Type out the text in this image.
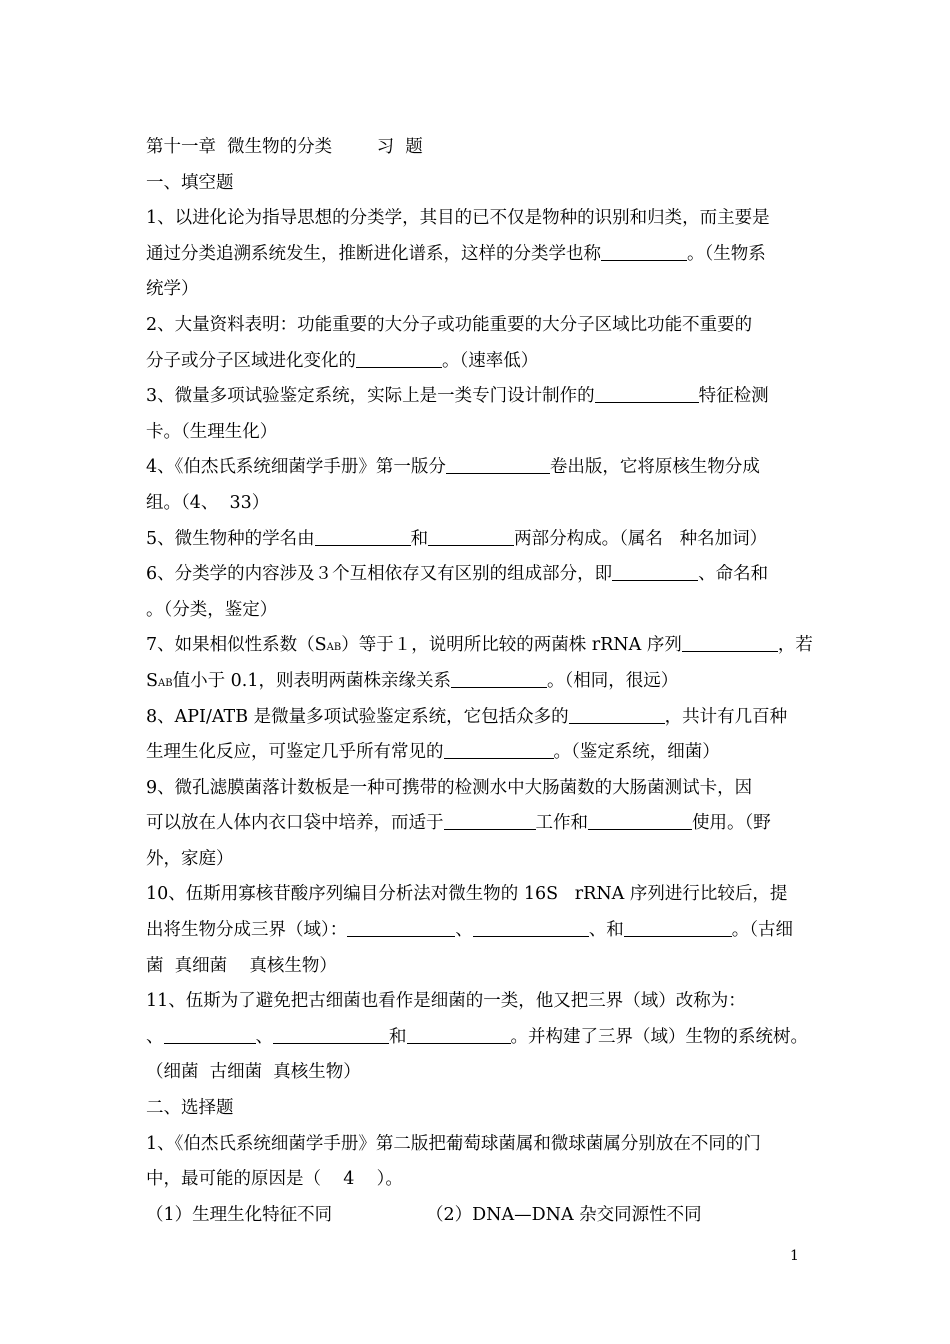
第十一章  微生物的分类        习  题
一、填空题
1、以进化论为指导思想的分类学，其目的已不仅是物种的识别和归类，而主要是
通过分类追溯系统发生，推断进化谱系，这样的分类学也称	。（生物系
统学）
2、大量资料表明：功能重要的大分子或功能重要的大分子区域比功能不重要的
分子或分子区域进化变化的	。（速率低）
3、微量多项试验鉴定系统，实际上是一类专门设计制作的	特征检测
卡。（生理生化）
4、《伯杰氏系统细菌学手册》第一版分	卷出版，它将原核生物分成
组。（4、  33）
5、微生物种的学名由	和	两部分构成。（属名   种名加词）
6、分类学的内容涉及３个互相依存又有区别的组成部分，即	、命名和
。（分类，鉴定）
7、如果相似性系数（SAB）等于１，说明所比较的两菌株 rRNA 序列	，若
SAB值小于 0.1，则表明两菌株亲缘关系	。（相同，很远）
8、API/ATB 是微量多项试验鉴定系统，它包括众多的	，共计有几百种
生理生化反应，可鉴定几乎所有常见的	。（鉴定系统，细菌）
9、微孔滤膜菌落计数板是一种可携带的检测水中大肠菌数的大肠菌测试卡，因
可以放在人体内衣口袋中培养，而适于	工作和	使用。（野
外，家庭）
10、伍斯用寡核苷酸序列编目分析法对微生物的 16S   rRNA 序列进行比较后，提
出将生物分成三界（域）：	、	、和	。（古细
菌  真细菌    真核生物）
11、伍斯为了避免把古细菌也看作是细菌的一类，他又把三界（域）改称为：
、	、	和	。并构建了三界（域）生物的系统树。
（细菌  古细菌  真核生物）
二、选择题
1、《伯杰氏系统细菌学手册》第二版把葡萄球菌属和微球菌属分别放在不同的门
中，最可能的原因是（    4    ）。
（1）生理生化特征不同	（2）DNA—DNA 杂交同源性不同
1
